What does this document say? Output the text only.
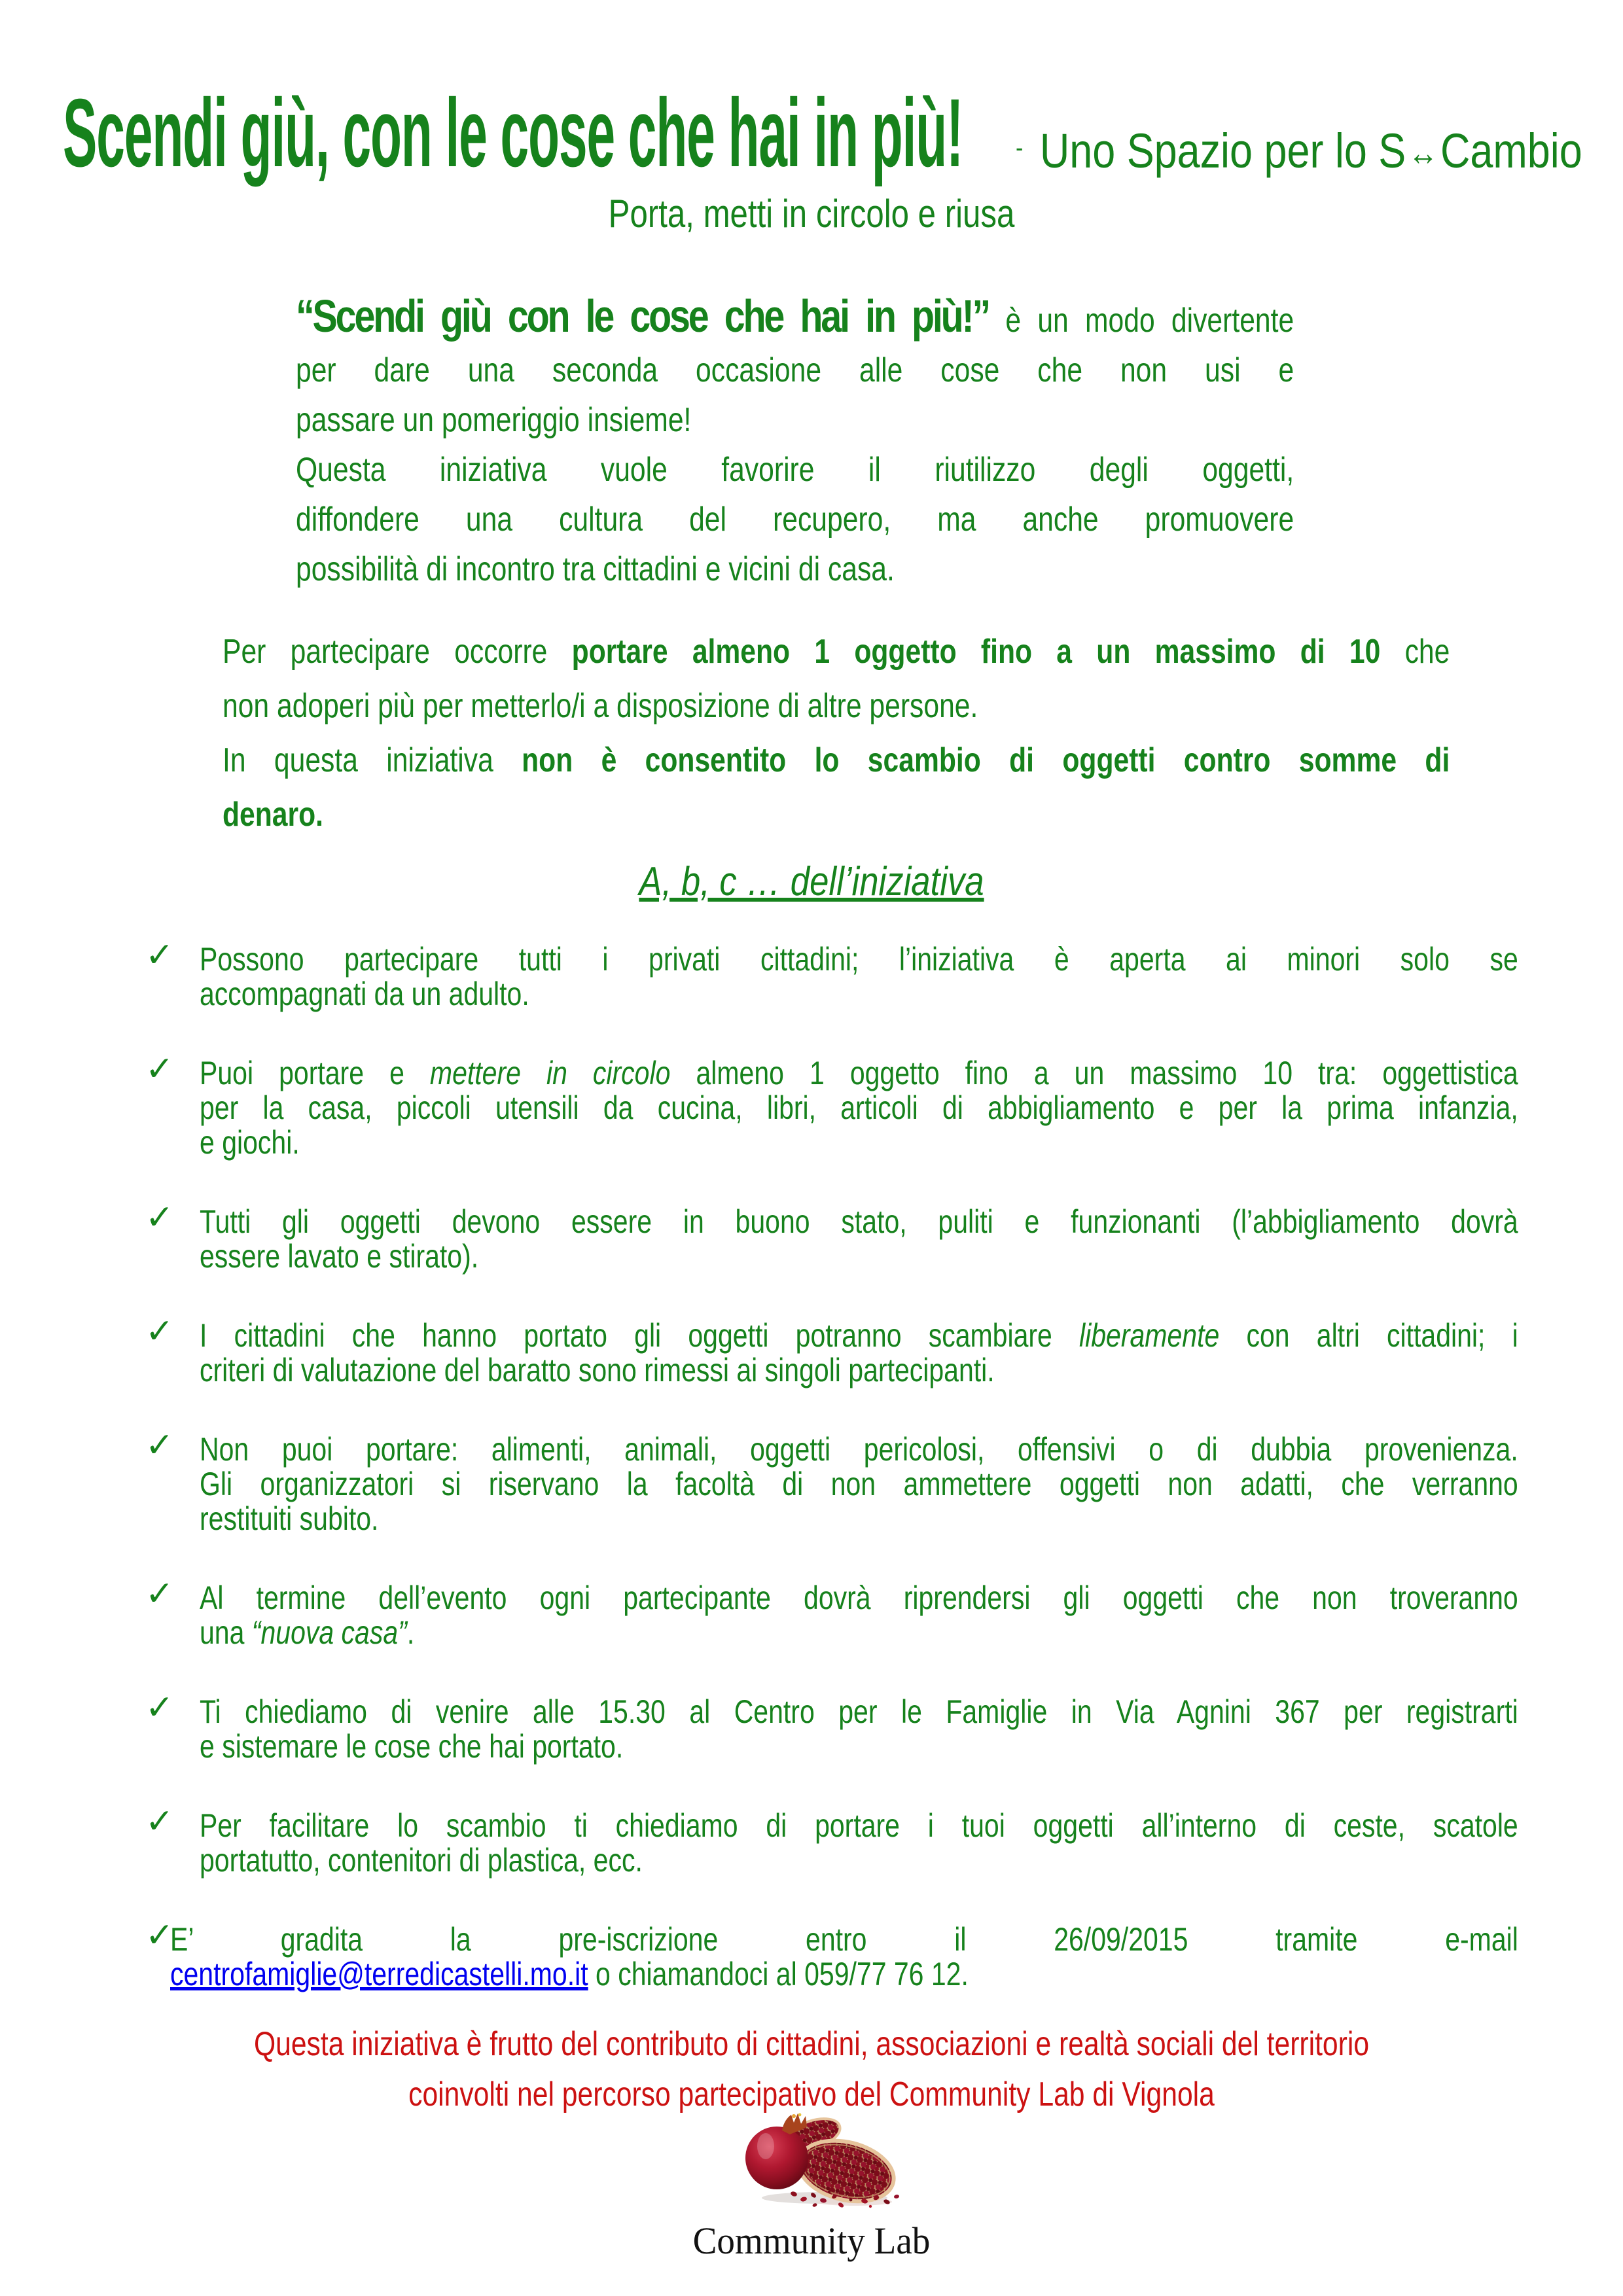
Scendi giù, con le cose che hai in più! - Uno Spazio per lo S↔Cambio
Porta, metti in circolo e riusa
“Scendi giù con le cose che hai in più!” è un modo divertente
per dare una seconda occasione alle cose che non usi e
passare un pomeriggio insieme!
Questa iniziativa vuole favorire il riutilizzo degli oggetti,
diffondere una cultura del recupero, ma anche promuovere
possibilità di incontro tra cittadini e vicini di casa.
Per partecipare occorre portare almeno 1 oggetto fino a un massimo di 10 che
non adoperi più per metterlo/i a disposizione di altre persone.
In questa iniziativa non è consentito lo scambio di oggetti contro somme di
denaro.
A, b, c … dell’iniziativa
✓ Possono partecipare tutti i privati cittadini; l’iniziativa è aperta ai minori solo se
accompagnati da un adulto.
✓ Puoi portare e mettere in circolo almeno 1 oggetto fino a un massimo 10 tra: oggettistica
per la casa, piccoli utensili da cucina, libri, articoli di abbigliamento e per la prima infanzia,
e giochi.
✓ Tutti gli oggetti devono essere in buono stato, puliti e funzionanti (l’abbigliamento dovrà
essere lavato e stirato).
✓ I cittadini che hanno portato gli oggetti potranno scambiare liberamente con altri cittadini; i
criteri di valutazione del baratto sono rimessi ai singoli partecipanti.
✓ Non puoi portare: alimenti, animali, oggetti pericolosi, offensivi o di dubbia provenienza.
Gli organizzatori si riservano la facoltà di non ammettere oggetti non adatti, che verranno
restituiti subito.
✓ Al termine dell’evento ogni partecipante dovrà riprendersi gli oggetti che non troveranno
una “nuova casa”.
✓ Ti chiediamo di venire alle 15.30 al Centro per le Famiglie in Via Agnini 367 per registrarti
e sistemare le cose che hai portato.
✓ Per facilitare lo scambio ti chiediamo di portare i tuoi oggetti all’interno di ceste, scatole
portatutto, contenitori di plastica, ecc.
✓
E’ gradita la pre-iscrizione entro il 26/09/2015 tramite e-mail
centrofamiglie@terredicastelli.mo.it o chiamandoci al 059/77 76 12.
Questa iniziativa è frutto del contributo di cittadini, associazioni e realtà sociali del territorio
coinvolti nel percorso partecipativo del Community Lab di Vignola
Community Lab
